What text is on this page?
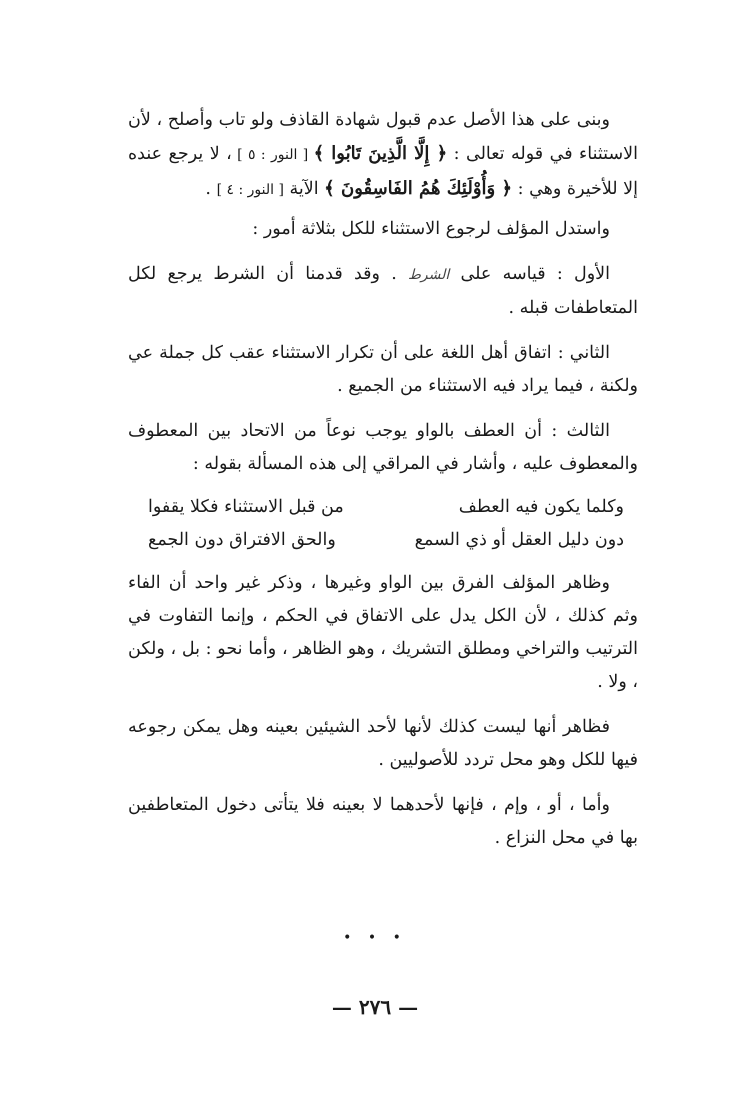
وبنى على هذا الأصل عدم قبول شهادة القاذف ولو تاب وأصلح ، لأن الاستثناء في قوله تعالى : ﴿ إِلَّا الَّذِينَ تَابُوا ﴾ [ النور : ٥ ] ، لا يرجع عنده إلا للأخيرة وهي : ﴿ وَأُوْلَئِكَ هُمُ الفَاسِقُونَ ﴾ الآية [ النور : ٤ ] .

واستدل المؤلف لرجوع الاستثناء للكل بثلاثة أمور :

الأول : قياسه على الشرط . وقد قدمنا أن الشرط يرجع لكل المتعاطفات قبله .

الثاني : اتفاق أهل اللغة على أن تكرار الاستثناء عقب كل جملة عي ولكنة ، فيما يراد فيه الاستثناء من الجميع .

الثالث : أن العطف بالواو يوجب نوعاً من الاتحاد بين المعطوف والمعطوف عليه ، وأشار في المراقي إلى هذه المسألة بقوله :

وكلما يكون فيه العطف
من قبل الاستثناء فكلا يقفوا
دون دليل العقل أو ذي السمع
والحق الافتراق دون الجمع

وظاهر المؤلف الفرق بين الواو وغيرها ، وذكر غير واحد أن الفاء وثم كذلك ، لأن الكل يدل على الاتفاق في الحكم ، وإنما التفاوت في الترتيب والتراخي ومطلق التشريك ، وهو الظاهر ، وأما نحو : بل ، ولكن ، ولا .

فظاهر أنها ليست كذلك لأنها لأحد الشيئين بعينه وهل يمكن رجوعه فيها للكل وهو محل تردد للأصوليين .

وأما ، أو ، وإم ، فإنها لأحدهما لا بعينه فلا يتأتى دخول المتعاطفين بها في محل النزاع .

• • •
— ٢٧٦ —
